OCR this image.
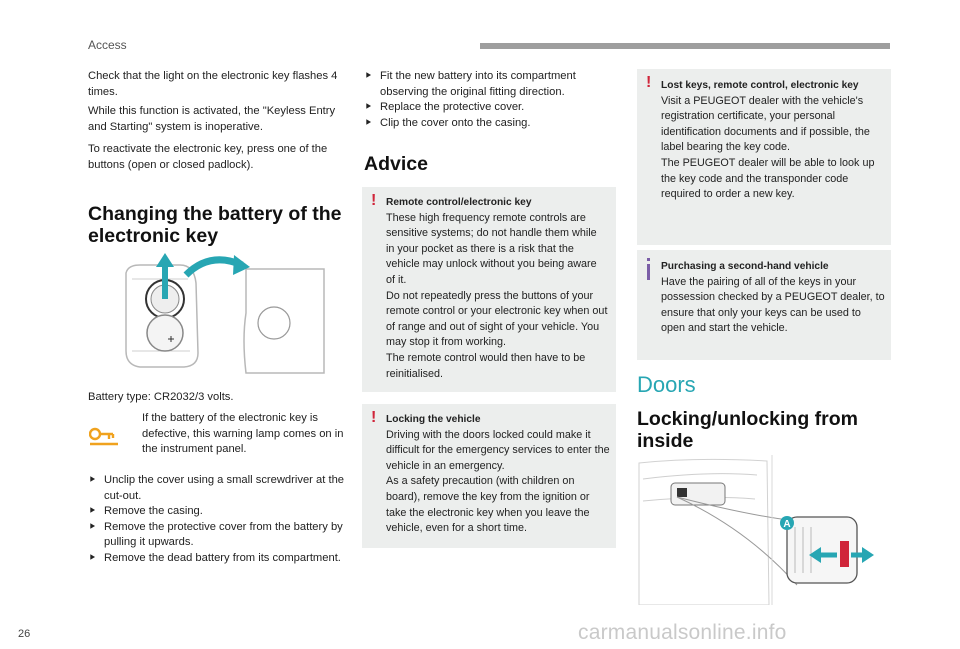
Access

Check that the light on the electronic key flashes 4 times.

While this function is activated, the "Keyless Entry and Starting" system is inoperative.

To reactivate the electronic key, press one of the buttons (open or closed padlock).

Changing the battery of the electronic key

Battery type: CR2032/3 volts.

If the battery of the electronic key is defective, this warning lamp comes on in the instrument panel.

⯈ Unclip the cover using a small screwdriver at the cut-out.
⯈ Remove the casing.
⯈ Remove the protective cover from the battery by pulling it upwards.
⯈ Remove the dead battery from its compartment.
⯈ Fit the new battery into its compartment observing the original fitting direction.
⯈ Replace the protective cover.
⯈ Clip the cover onto the casing.
Advice
! Remote control/electronic key
These high frequency remote controls are sensitive systems; do not handle them while in your pocket as there is a risk that the vehicle may unlock without you being aware of it.
Do not repeatedly press the buttons of your remote control or your electronic key when out of range and out of sight of your vehicle. You may stop it from working.
The remote control would then have to be reinitialised.
! Locking the vehicle
Driving with the doors locked could make it difficult for the emergency services to enter the vehicle in an emergency.
As a safety precaution (with children on board), remove the key from the ignition or take the electronic key when you leave the vehicle, even for a short time.
! Lost keys, remote control, electronic key
Visit a PEUGEOT dealer with the vehicle's registration certificate, your personal identification documents and if possible, the label bearing the key code.
The PEUGEOT dealer will be able to look up the key code and the transponder code required to order a new key.
Purchasing a second-hand vehicle
Have the pairing of all of the keys in your possession checked by a PEUGEOT dealer, to ensure that only your keys can be used to open and start the vehicle.
Doors
Locking/unlocking from inside
A
26	carmanualsonline.info
